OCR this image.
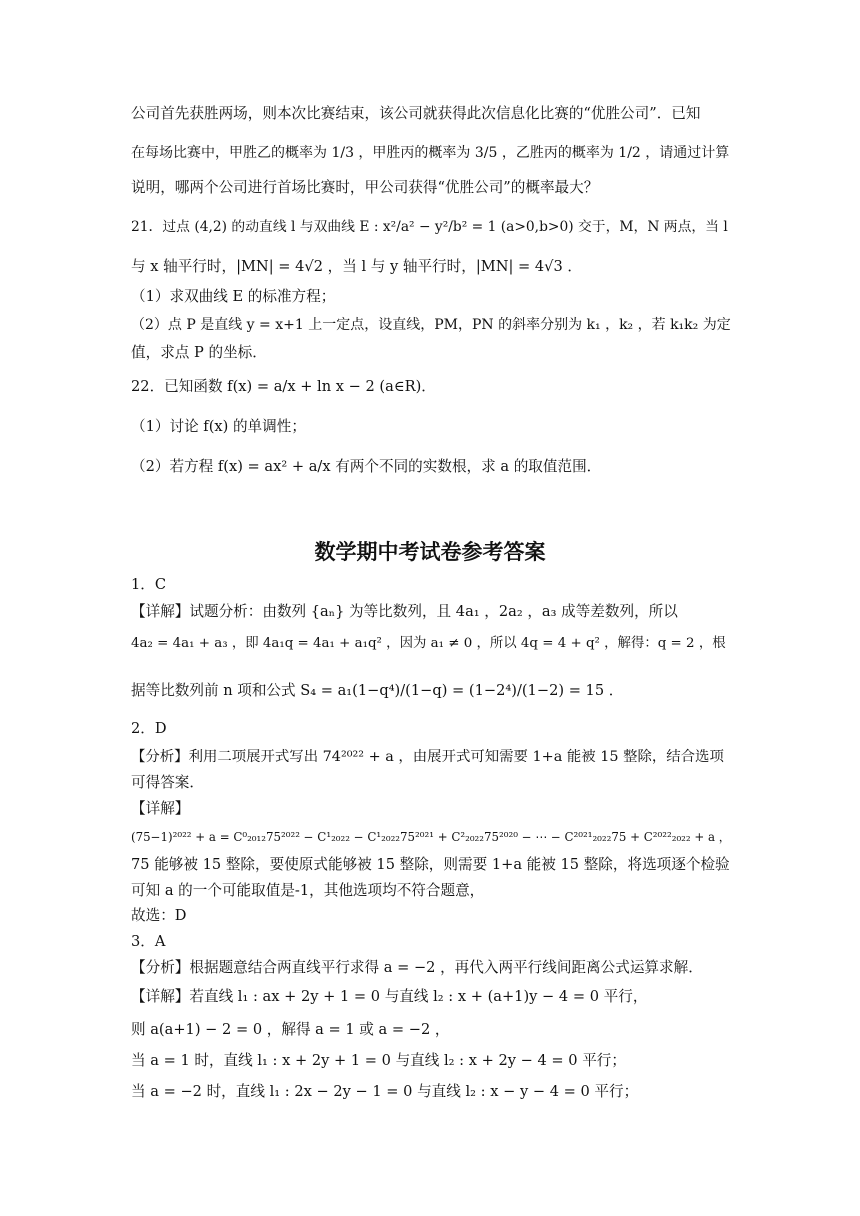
公司首先获胜两场，则本次比赛结束，该公司就获得此次信息化比赛的“优胜公司”．已知
在每场比赛中，甲胜乙的概率为 1/3 ，甲胜丙的概率为 3/5 ，乙胜丙的概率为 1/2 ，请通过计算
说明，哪两个公司进行首场比赛时，甲公司获得“优胜公司”的概率最大？
21．过点 (4,2) 的动直线 l 与双曲线 E : x²/a² − y²/b² = 1 (a>0,b>0) 交于，M，N 两点，当 l
与 x 轴平行时，|MN| = 4√2 ，当 l 与 y 轴平行时，|MN| = 4√3 ．
（1）求双曲线 E 的标准方程；
（2）点 P 是直线 y = x+1 上一定点，设直线，PM，PN 的斜率分别为 k₁ ，k₂ ，若 k₁k₂ 为定
值，求点 P 的坐标．
22．已知函数 f(x) = a/x + ln x − 2 (a∈R)．
（1）讨论 f(x) 的单调性；
（2）若方程 f(x) = ax² + a/x 有两个不同的实数根，求 a 的取值范围．
数学期中考试卷参考答案
1．C
【详解】试题分析：由数列 {aₙ} 为等比数列，且 4a₁ ，2a₂ ，a₃ 成等差数列，所以
4a₂ = 4a₁ + a₃ ，即 4a₁q = 4a₁ + a₁q² ，因为 a₁ ≠ 0 ，所以 4q = 4 + q² ，解得：q = 2 ，根
据等比数列前 n 项和公式 S₄ = a₁(1−q⁴)/(1−q) = (1−2⁴)/(1−2) = 15 ．
2．D
【分析】利用二项展开式写出 74²⁰²² + a ，由展开式可知需要 1+a 能被 15 整除，结合选项
可得答案．
【详解】
(75−1)²⁰²² + a = C⁰₂₀₁₂75²⁰²² − C¹₂₀₂₂ − C¹₂₀₂₂75²⁰²¹ + C²₂₀₂₂75²⁰²⁰ − ⋯ − C²⁰²¹₂₀₂₂75 + C²⁰²²₂₀₂₂ + a ，
75 能够被 15 整除，要使原式能够被 15 整除，则需要 1+a 能被 15 整除，将选项逐个检验
可知 a 的一个可能取值是-1，其他选项均不符合题意，
故选：D
3．A
【分析】根据题意结合两直线平行求得 a = −2 ，再代入两平行线间距离公式运算求解．
【详解】若直线 l₁ : ax + 2y + 1 = 0 与直线 l₂ : x + (a+1)y − 4 = 0 平行，
则 a(a+1) − 2 = 0 ，解得 a = 1 或 a = −2 ，
当 a = 1 时，直线 l₁ : x + 2y + 1 = 0 与直线 l₂ : x + 2y − 4 = 0 平行；
当 a = −2 时，直线 l₁ : 2x − 2y − 1 = 0 与直线 l₂ : x − y − 4 = 0 平行；
